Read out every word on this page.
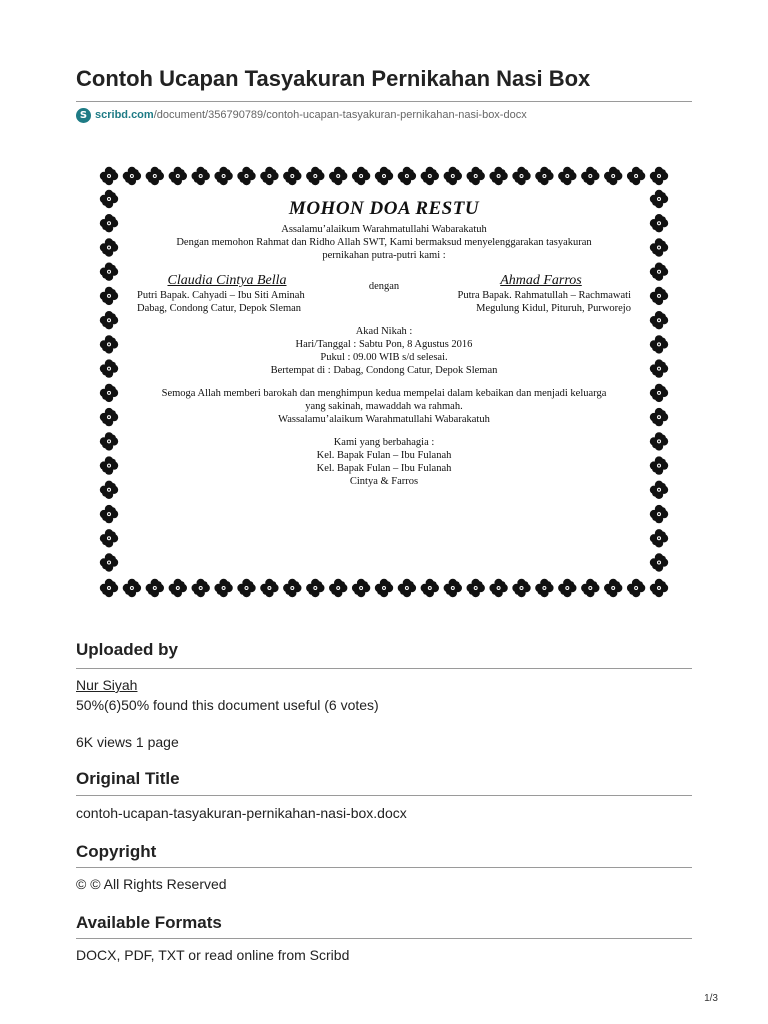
Contoh Ucapan Tasyakuran Pernikahan Nasi Box
S scribd.com /document/356790789/contoh-ucapan-tasyakuran-pernikahan-nasi-box-docx
MOHON DOA RESTU
Assalamu’alaikum Warahmatullahi Wabarakatuh
Dengan memohon Rahmat dan Ridho Allah SWT, Kami bermaksud menyelenggarakan tasyakuran
pernikahan putra-putri kami :
Claudia Cintya Bella
Putri Bapak. Cahyadi – Ibu Siti Aminah
Dabag, Condong Catur, Depok Sleman
dengan	Ahmad Farros
Putra Bapak. Rahmatullah – Rachmawati
Megulung Kidul, Pituruh, Purworejo
Akad Nikah :
Hari/Tanggal : Sabtu Pon, 8 Agustus 2016
Pukul : 09.00 WIB s/d selesai.
Bertempat di : Dabag, Condong Catur, Depok Sleman
Semoga Allah memberi barokah dan menghimpun kedua mempelai dalam kebaikan dan menjadi keluarga
yang sakinah, mawaddah wa rahmah.
Wassalamu’alaikum Warahmatullahi Wabarakatuh
Kami yang berbahagia :
Kel. Bapak Fulan – Ibu Fulanah
Kel. Bapak Fulan – Ibu Fulanah
Cintya & Farros
Uploaded by
Nur Siyah
50%(6)50% found this document useful (6 votes)
6K views 1 page
Original Title
contoh-ucapan-tasyakuran-pernikahan-nasi-box.docx
Copyright
© © All Rights Reserved
Available Formats
DOCX, PDF, TXT or read online from Scribd
1/3
